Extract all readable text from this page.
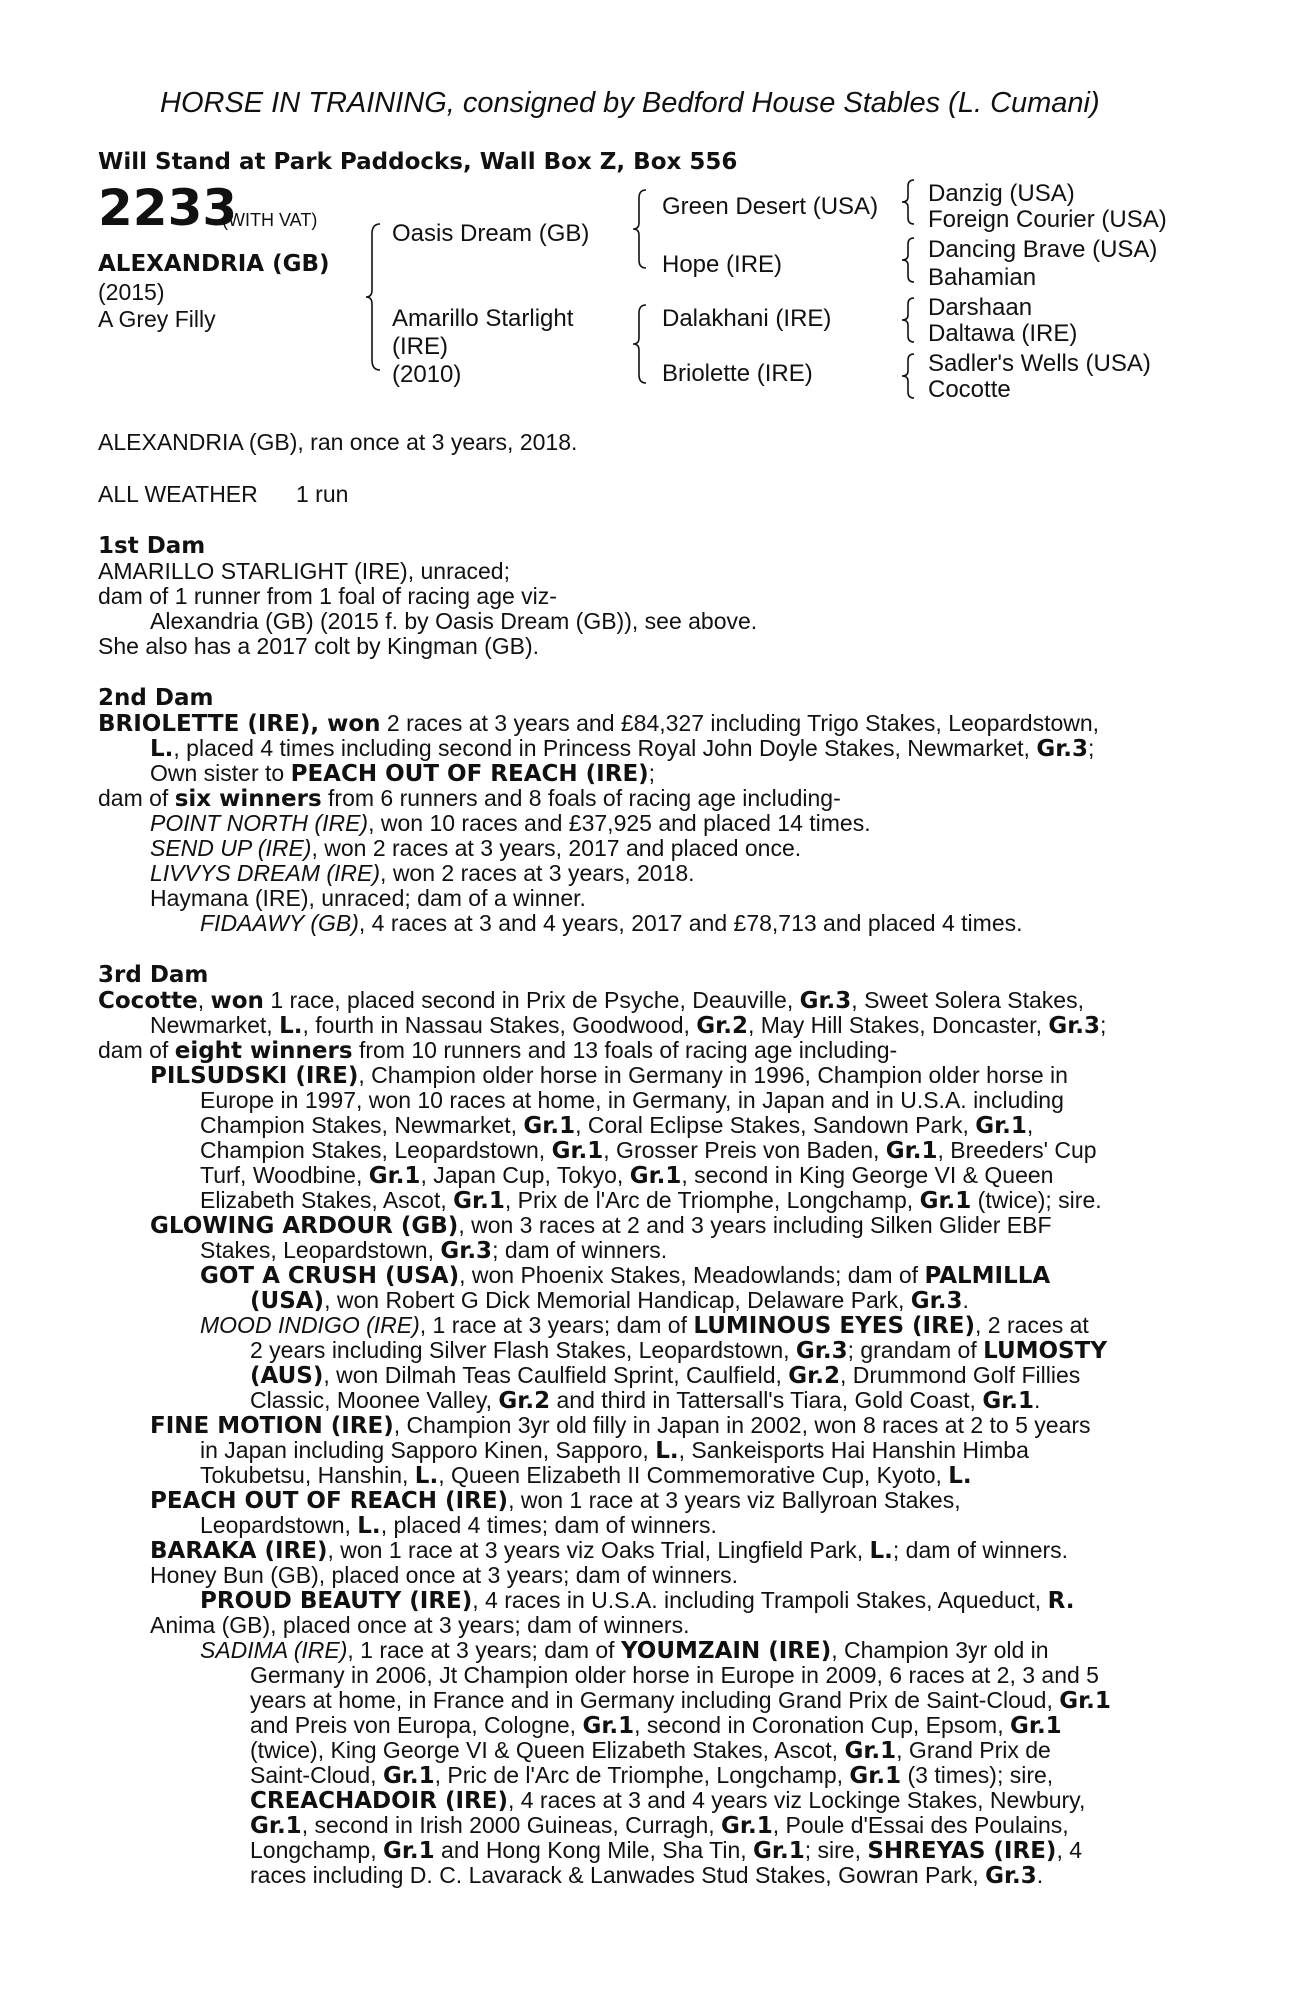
HORSE IN TRAINING, consigned by Bedford House Stables (L. Cumani)
Will Stand at Park Paddocks, Wall Box Z, Box 556
2233
(WITH VAT)
ALEXANDRIA (GB)
(2015)
A Grey Filly
Oasis Dream (GB)
Amarillo Starlight
(IRE)
(2010)
Green Desert (USA)
Hope (IRE)
Dalakhani (IRE)
Briolette (IRE)
Danzig (USA)
Foreign Courier (USA)
Dancing Brave (USA)
Bahamian
Darshaan
Daltawa (IRE)
Sadler's Wells (USA)
Cocotte
ALEXANDRIA (GB), ran once at 3 years, 2018.
ALL WEATHER 1 run
1st Dam
AMARILLO STARLIGHT (IRE), unraced;
dam of 1 runner from 1 foal of racing age viz-
Alexandria (GB) (2015 f. by Oasis Dream (GB)), see above.
She also has a 2017 colt by Kingman (GB).
2nd Dam
BRIOLETTE (IRE), won 2 races at 3 years and £84,327 including Trigo Stakes, Leopardstown,
L., placed 4 times including second in Princess Royal John Doyle Stakes, Newmarket, Gr.3;
Own sister to PEACH OUT OF REACH (IRE);
dam of six winners from 6 runners and 8 foals of racing age including-
POINT NORTH (IRE), won 10 races and £37,925 and placed 14 times.
SEND UP (IRE), won 2 races at 3 years, 2017 and placed once.
LIVVYS DREAM (IRE), won 2 races at 3 years, 2018.
Haymana (IRE), unraced; dam of a winner.
FIDAAWY (GB), 4 races at 3 and 4 years, 2017 and £78,713 and placed 4 times.
3rd Dam
Cocotte, won 1 race, placed second in Prix de Psyche, Deauville, Gr.3, Sweet Solera Stakes,
Newmarket, L., fourth in Nassau Stakes, Goodwood, Gr.2, May Hill Stakes, Doncaster, Gr.3;
dam of eight winners from 10 runners and 13 foals of racing age including-
PILSUDSKI (IRE), Champion older horse in Germany in 1996, Champion older horse in
Europe in 1997, won 10 races at home, in Germany, in Japan and in U.S.A. including
Champion Stakes, Newmarket, Gr.1, Coral Eclipse Stakes, Sandown Park, Gr.1,
Champion Stakes, Leopardstown, Gr.1, Grosser Preis von Baden, Gr.1, Breeders' Cup
Turf, Woodbine, Gr.1, Japan Cup, Tokyo, Gr.1, second in King George VI & Queen
Elizabeth Stakes, Ascot, Gr.1, Prix de l'Arc de Triomphe, Longchamp, Gr.1 (twice); sire.
GLOWING ARDOUR (GB), won 3 races at 2 and 3 years including Silken Glider EBF
Stakes, Leopardstown, Gr.3; dam of winners.
GOT A CRUSH (USA), won Phoenix Stakes, Meadowlands; dam of PALMILLA
(USA), won Robert G Dick Memorial Handicap, Delaware Park, Gr.3.
MOOD INDIGO (IRE), 1 race at 3 years; dam of LUMINOUS EYES (IRE), 2 races at
2 years including Silver Flash Stakes, Leopardstown, Gr.3; grandam of LUMOSTY
(AUS), won Dilmah Teas Caulfield Sprint, Caulfield, Gr.2, Drummond Golf Fillies
Classic, Moonee Valley, Gr.2 and third in Tattersall's Tiara, Gold Coast, Gr.1.
FINE MOTION (IRE), Champion 3yr old filly in Japan in 2002, won 8 races at 2 to 5 years
in Japan including Sapporo Kinen, Sapporo, L., Sankeisports Hai Hanshin Himba
Tokubetsu, Hanshin, L., Queen Elizabeth II Commemorative Cup, Kyoto, L.
PEACH OUT OF REACH (IRE), won 1 race at 3 years viz Ballyroan Stakes,
Leopardstown, L., placed 4 times; dam of winners.
BARAKA (IRE), won 1 race at 3 years viz Oaks Trial, Lingfield Park, L.; dam of winners.
Honey Bun (GB), placed once at 3 years; dam of winners.
PROUD BEAUTY (IRE), 4 races in U.S.A. including Trampoli Stakes, Aqueduct, R.
Anima (GB), placed once at 3 years; dam of winners.
SADIMA (IRE), 1 race at 3 years; dam of YOUMZAIN (IRE), Champion 3yr old in
Germany in 2006, Jt Champion older horse in Europe in 2009, 6 races at 2, 3 and 5
years at home, in France and in Germany including Grand Prix de Saint-Cloud, Gr.1
and Preis von Europa, Cologne, Gr.1, second in Coronation Cup, Epsom, Gr.1
(twice), King George VI & Queen Elizabeth Stakes, Ascot, Gr.1, Grand Prix de
Saint-Cloud, Gr.1, Pric de l'Arc de Triomphe, Longchamp, Gr.1 (3 times); sire,
CREACHADOIR (IRE), 4 races at 3 and 4 years viz Lockinge Stakes, Newbury,
Gr.1, second in Irish 2000 Guineas, Curragh, Gr.1, Poule d'Essai des Poulains,
Longchamp, Gr.1 and Hong Kong Mile, Sha Tin, Gr.1; sire, SHREYAS (IRE), 4
races including D. C. Lavarack & Lanwades Stud Stakes, Gowran Park, Gr.3.
